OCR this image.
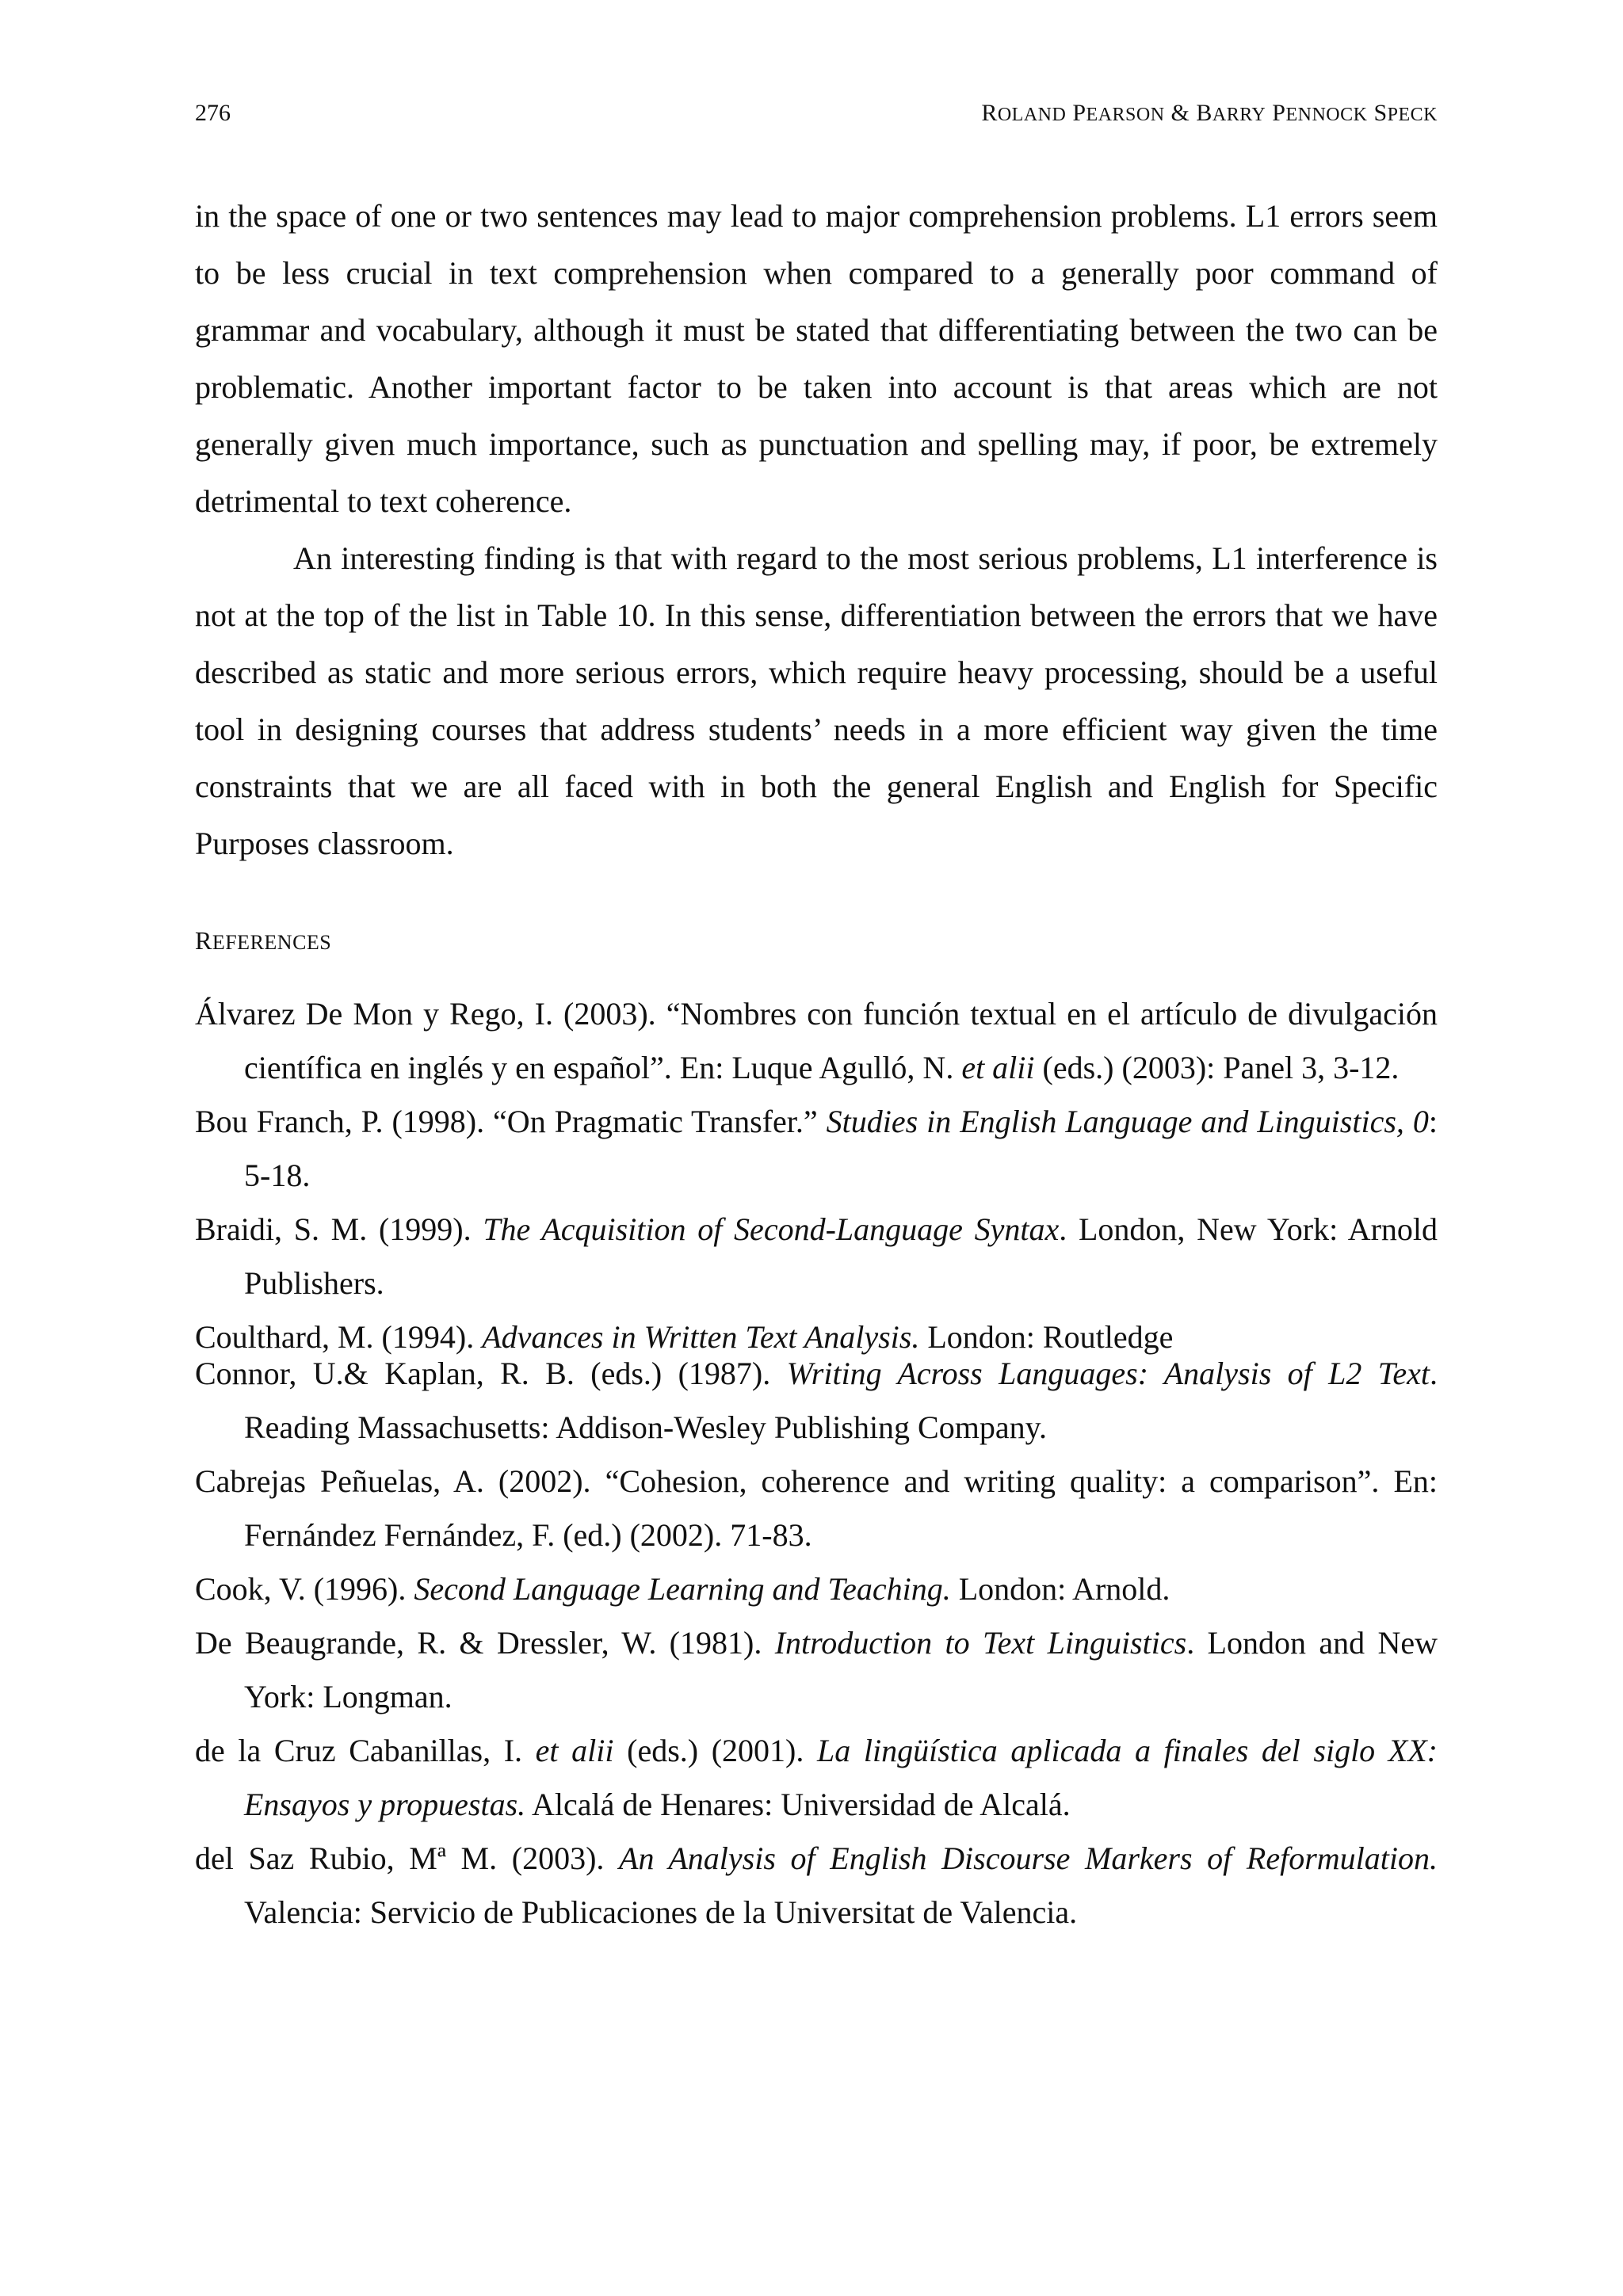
276	ROLAND PEARSON & BARRY PENNOCK SPECK

in the space of one or two sentences may lead to major comprehension problems. L1 errors seem to be less crucial in text comprehension when compared to a generally poor command of grammar and vocabulary, although it must be stated that differentiating between the two can be problematic. Another important factor to be taken into account is that areas which are not generally given much importance, such as punctuation and spelling may, if poor, be extremely detrimental to text coherence.

An interesting finding is that with regard to the most serious problems, L1 interference is not at the top of the list in Table 10. In this sense, differentiation between the errors that we have described as static and more serious errors, which require heavy processing, should be a useful tool in designing courses that address students’ needs in a more efficient way given the time constraints that we are all faced with in both the general English and English for Specific Purposes classroom.

REFERENCES

Álvarez De Mon y Rego, I. (2003). “Nombres con función textual en el artículo de divulgación científica en inglés y en español”. En: Luque Agulló, N. et alii (eds.) (2003): Panel 3, 3-12.

Bou Franch, P. (1998). “On Pragmatic Transfer.” Studies in English Language and Linguistics, 0: 5-18.

Braidi, S. M. (1999). The Acquisition of Second-Language Syntax. London, New York: Arnold Publishers.

Coulthard, M. (1994). Advances in Written Text Analysis. London: Routledge

Connor, U.& Kaplan, R. B. (eds.) (1987). Writing Across Languages: Analysis of L2 Text. Reading Massachusetts: Addison-Wesley Publishing Company.

Cabrejas Peñuelas, A. (2002). “Cohesion, coherence and writing quality: a comparison”. En: Fernández Fernández, F. (ed.) (2002). 71-83.

Cook, V. (1996). Second Language Learning and Teaching. London: Arnold.

De Beaugrande, R. & Dressler, W. (1981). Introduction to Text Linguistics. London and New York: Longman.

de la Cruz Cabanillas, I. et alii (eds.) (2001). La lingüística aplicada a finales del siglo XX: Ensayos y propuestas. Alcalá de Henares: Universidad de Alcalá.

del Saz Rubio, Mª M. (2003). An Analysis of English Discourse Markers of Reformulation. Valencia: Servicio de Publicaciones de la Universitat de Valencia.
